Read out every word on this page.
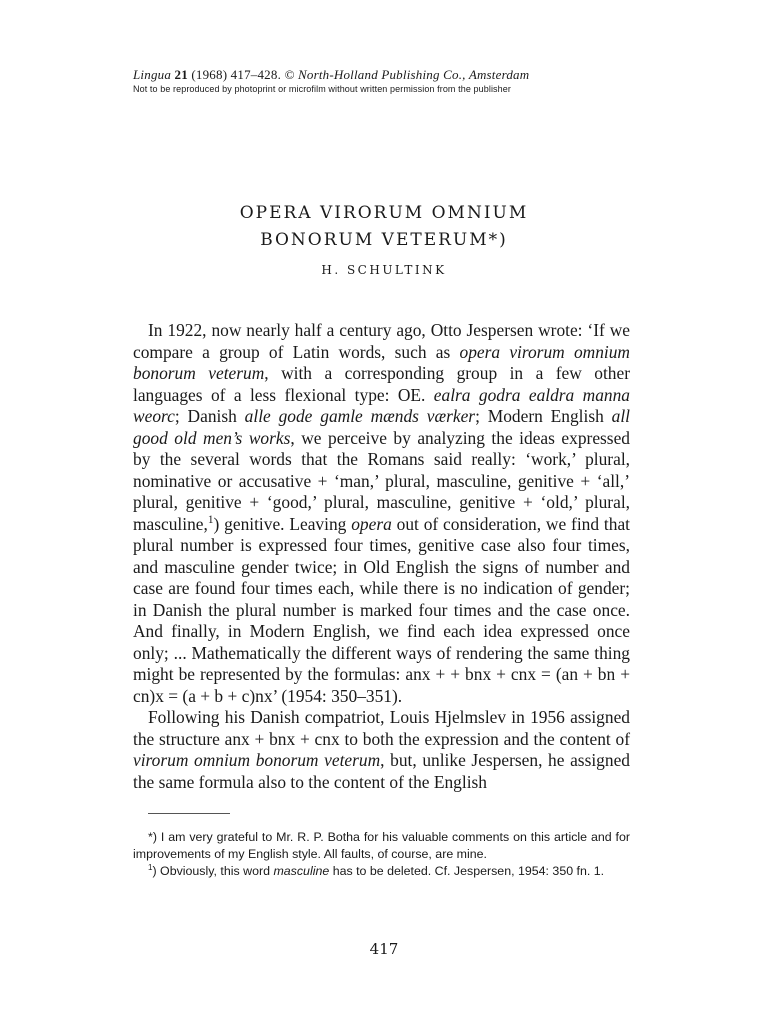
Lingua 21 (1968) 417–428. © North-Holland Publishing Co., Amsterdam
Not to be reproduced by photoprint or microfilm without written permission from the publisher
OPERA VIRORUM OMNIUM
BONORUM VETERUM*)
H. SCHULTINK

In 1922, now nearly half a century ago, Otto Jespersen wrote: ‘If we compare a group of Latin words, such as opera virorum omnium bonorum veterum, with a corresponding group in a few other languages of a less flexional type: OE. ealra godra ealdra manna weorc; Danish alle gode gamle mænds værker; Modern English all good old men’s works, we perceive by analyzing the ideas expressed by the several words that the Romans said really: ‘work,’ plural, nominative or accusative + ‘man,’ plural, masculine, genitive + ‘all,’ plural, genitive + ‘good,’ plural, masculine, genitive + ‘old,’ plural, masculine,$^1$) genitive. Leaving opera out of consideration, we find that plural number is expressed four times, genitive case also four times, and masculine gender twice; in Old English the signs of number and case are found four times each, while there is no indication of gender; in Danish the plural number is marked four times and the case once. And finally, in Modern English, we find each idea expressed once only; ... Mathematically the different ways of rendering the same thing might be represented by the formulas: anx + + bnx + cnx = (an + bn + cn)x = (a + b + c)nx’ (1954: 350–351).

Following his Danish compatriot, Louis Hjelmslev in 1956 assigned the structure anx + bnx + cnx to both the expression and the content of virorum omnium bonorum veterum, but, unlike Jespersen, he assigned the same formula also to the content of the English

*) I am very grateful to Mr. R. P. Botha for his valuable comments on this article and for improvements of my English style. All faults, of course, are mine.

$^1$) Obviously, this word masculine has to be deleted. Cf. Jespersen, 1954: 350 fn. 1.

417
